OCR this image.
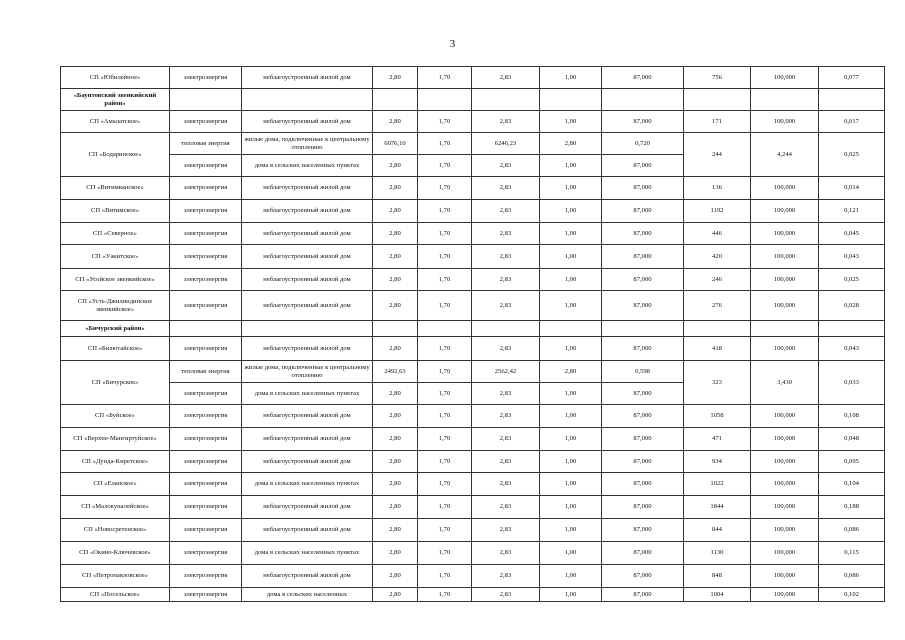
3
СП «Юбилейное»	электроэнергия	неблагоустроенный жилой дом	2,80	1,70	2,83	1,00	87,000	756	100,000	0,077
«Баунтовский эвенкийский район»										
СП «Амалатское»	электроэнергия	неблагоустроенный жилой дом	2,80	1,70	2,83	1,00	87,000	171	100,000	0,017
СП «Бодаринское»	тепловая энергия	жилые дома, подключенные к центральному отоплению	6076,10	1,70	6246,23	2,80	0,720	244	4,244	0,025
	электроэнергия	дома в сельских населенных пунктах	2,80	1,70	2,83	1,00	87,000			
СП «Витимканское»	электроэнергия	неблагоустроенный жилой дом	2,80	1,70	2,83	1,00	87,000	136	100,000	0,014
СП «Витимское»	электроэнергия	неблагоустроенный жилой дом	2,80	1,70	2,83	1,00	87,000	1192	100,000	0,121
СП «Северное»	электроэнергия	неблагоустроенный жилой дом	2,80	1,70	2,83	1,00	87,000	446	100,000	0,045
СП «Уакитское»	электроэнергия	неблагоустроенный жилой дом	2,80	1,70	2,83	1,00	87,000	420	100,000	0,043
СП «Усойское эвенкийское»	электроэнергия	неблагоустроенный жилой дом	2,80	1,70	2,83	1,00	87,000	246	100,000	0,025
СП «Усть-Джилиндинское эвенкийское»	электроэнергия	неблагоустроенный жилой дом	2,80	1,70	2,83	1,00	87,000	276	100,000	0,028
«Бичурский район»										
СП «Билютайское»	электроэнергия	неблагоустроенный жилой дом	2,80	1,70	2,83	1,00	87,000	418	100,000	0,043
СП «Бичурское»	тепловая энергия	жилые дома, подключенные к центральному отоплению	2492,63	1,70	2562,42	2,80	0,598	323	3,430	0,033
	электроэнергия	дома в сельских населенных пунктах	2,80	1,70	2,83	1,00	87,000			
СП «Буйское»	электроэнергия	неблагоустроенный жилой дом	2,80	1,70	2,83	1,00	87,000	1058	100,000	0,108
СП «Верхне-Мангиртуйское»	электроэнергия	неблагоустроенный жилой дом	2,80	1,70	2,83	1,00	87,000	471	100,000	0,048
СП «Дунда-Киретское»	электроэнергия	неблагоустроенный жилой дом	2,80	1,70	2,83	1,00	87,000	934	100,000	0,095
СП «Еланское»	электроэнергия	дома в сельских населенных пунктах	2,80	1,70	2,83	1,00	87,000	1022	100,000	0,104
СП «Малокуналейское»	электроэнергия	неблагоустроенный жилой дом	2,80	1,70	2,83	1,00	87,000	1844	100,000	0,188
СП «Новосретенское»	электроэнергия	неблагоустроенный жилой дом	2,80	1,70	2,83	1,00	87,000	844	100,000	0,086
СП «Окино-Ключевское»	электроэнергия	дома в сельских населенных пунктах	2,80	1,70	2,83	1,00	87,000	1130	100,000	0,115
СП «Петропавловское»	электроэнергия	неблагоустроенный жилой дом	2,80	1,70	2,83	1,00	87,000	848	100,000	0,086
СП «Посельское»	электроэнергия	дома в сельских населенных	2,80	1,70	2,83	1,00	87,000	1004	100,000	0,102
